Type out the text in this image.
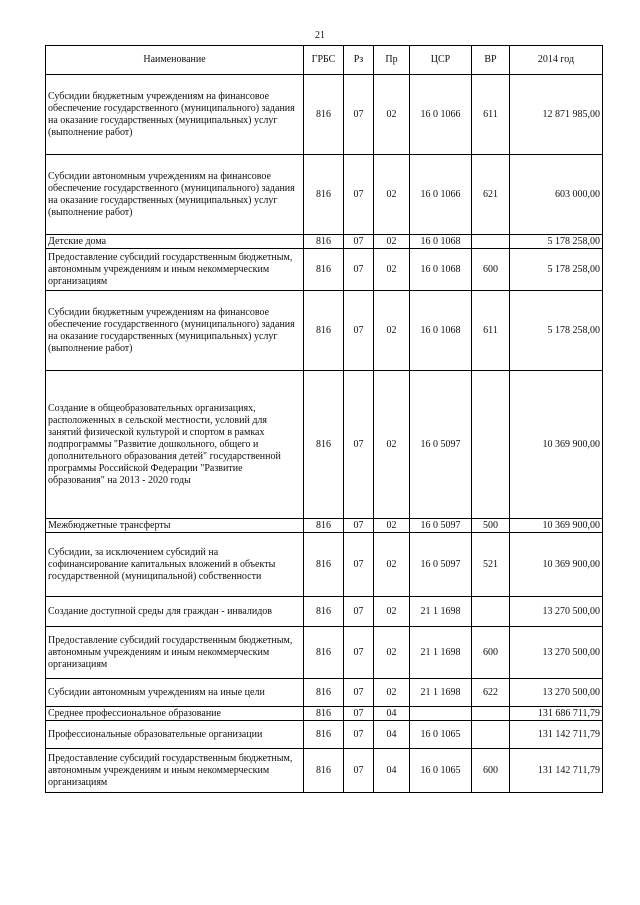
21
Наименование	ГРБС	Рз	Пр	ЦСР	ВР	2014 год
Субсидии бюджетным учреждениям на финансовое обеспечение государственного (муниципального) задания на оказание государственных (муниципальных) услуг (выполнение работ)	816	07	02	16 0 1066	611	12 871 985,00
Субсидии автономным учреждениям на финансовое обеспечение государственного (муниципального) задания на оказание государственных (муниципальных) услуг (выполнение работ)	816	07	02	16 0 1066	621	603 000,00
Детские дома	816	07	02	16 0 1068		5 178 258,00
Предоставление субсидий государственным бюджетным, автономным учреждениям и иным некоммерческим организациям	816	07	02	16 0 1068	600	5 178 258,00
Субсидии бюджетным учреждениям на финансовое обеспечение государственного (муниципального) задания на оказание государственных (муниципальных) услуг (выполнение работ)	816	07	02	16 0 1068	611	5 178 258,00
Создание в общеобразовательных организациях, расположенных в сельской местности, условий для занятий физической культурой и спортом в рамках подпрограммы "Развитие дошкольного, общего и дополнительного образования детей" государственной программы Российской Федерации "Развитие образования" на 2013 - 2020 годы	816	07	02	16 0 5097		10 369 900,00
Межбюджетные трансферты	816	07	02	16 0 5097	500	10 369 900,00
Субсидии, за исключением субсидий на софинансирование капитальных вложений в объекты государственной (муниципальной) собственности	816	07	02	16 0 5097	521	10 369 900,00
Создание доступной среды для граждан - инвалидов	816	07	02	21 1 1698		13 270 500,00
Предоставление субсидий государственным бюджетным, автономным учреждениям и иным некоммерческим организациям	816	07	02	21 1 1698	600	13 270 500,00
Субсидии автономным учреждениям на иные цели	816	07	02	21 1 1698	622	13 270 500,00
Среднее профессиональное образование	816	07	04			131 686 711,79
Профессиональные образовательные организации	816	07	04	16 0 1065		131 142 711,79
Предоставление субсидий государственным бюджетным, автономным учреждениям и иным некоммерческим организациям	816	07	04	16 0 1065	600	131 142 711,79
